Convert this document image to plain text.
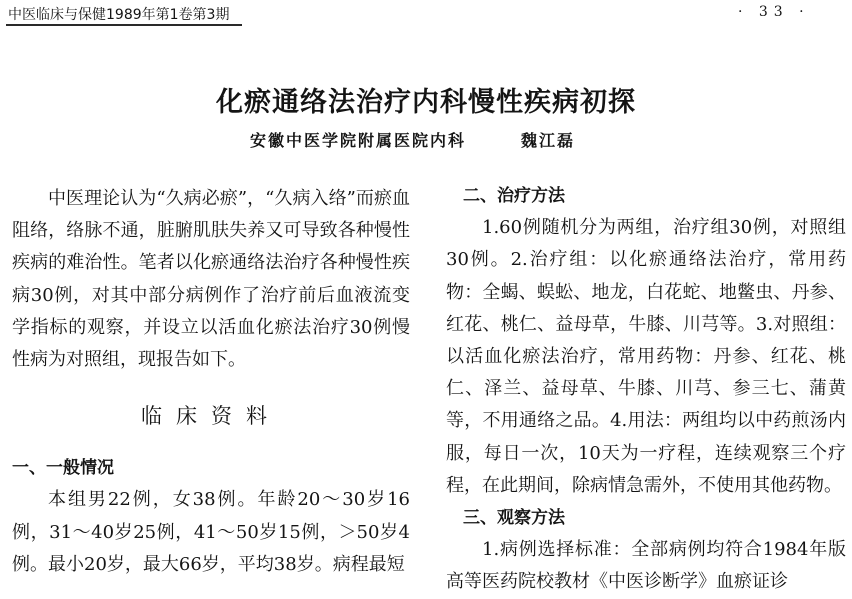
中医临床与保健1989年第1卷第3期	· 33 ·
化瘀通络法治疗内科慢性疾病初探
安徽中医学院附属医院内科	魏江磊

中医理论认为“久病必瘀”，“久病入络”而瘀血阻络，络脉不通，脏腑肌肤失养又可导致各种慢性疾病的难治性。笔者以化瘀通络法治疗各种慢性疾病30例，对其中部分病例作了治疗前后血液流变学指标的观察，并设立以活血化瘀法治疗30例慢性病为对照组，现报告如下。

临床资料

一、一般情况

本组男22例，女38例。年龄20～30岁16例，31～40岁25例，41～50岁15例，＞50岁4例。最小20岁，最大66岁，平均38岁。病程最短

二、治疗方法

1.60例随机分为两组，治疗组30例，对照组30例。2.治疗组：以化瘀通络法治疗，常用药物：全蝎、蜈蚣、地龙，白花蛇、地鳖虫、丹参、红花、桃仁、益母草，牛膝、川芎等。3.对照组：以活血化瘀法治疗，常用药物：丹参、红花、桃仁、泽兰、益母草、牛膝、川芎、参三七、蒲黄等，不用通络之品。4.用法：两组均以中药煎汤内服，每日一次，10天为一疗程，连续观察三个疗程，在此期间，除病情急需外，不使用其他药物。

三、观察方法

1.病例选择标准：全部病例均符合1984年版高等医药院校教材《中医诊断学》血瘀证诊
